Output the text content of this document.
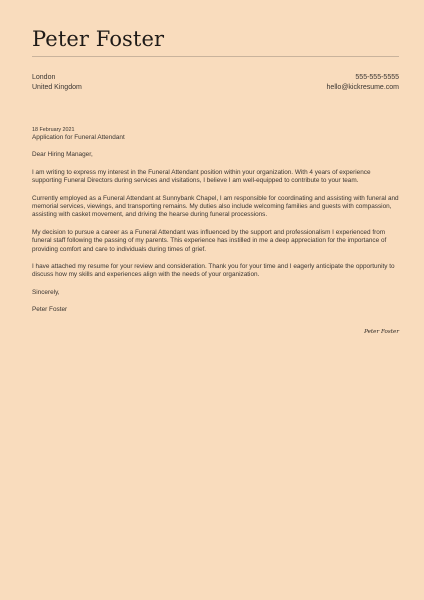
Peter Foster
London
United Kingdom
555-555-5555
hello@kickresume.com
18 February 2021
Application for Funeral Attendant

Dear Hiring Manager,

I am writing to express my interest in the Funeral Attendant position within your organization. With 4 years of experience supporting Funeral Directors during services and visitations, I believe I am well-equipped to contribute to your team.

Currently employed as a Funeral Attendant at Sunnybank Chapel, I am responsible for coordinating and assisting with funeral and memorial services, viewings, and transporting remains. My duties also include welcoming families and guests with compassion, assisting with casket movement, and driving the hearse during funeral processions.

My decision to pursue a career as a Funeral Attendant was influenced by the support and professionalism I experienced from funeral staff following the passing of my parents. This experience has instilled in me a deep appreciation for the importance of providing comfort and care to individuals during times of grief.

I have attached my resume for your review and consideration. Thank you for your time and I eagerly anticipate the opportunity to discuss how my skills and experiences align with the needs of your organization.

Sincerely,

Peter Foster

Peter Foster
